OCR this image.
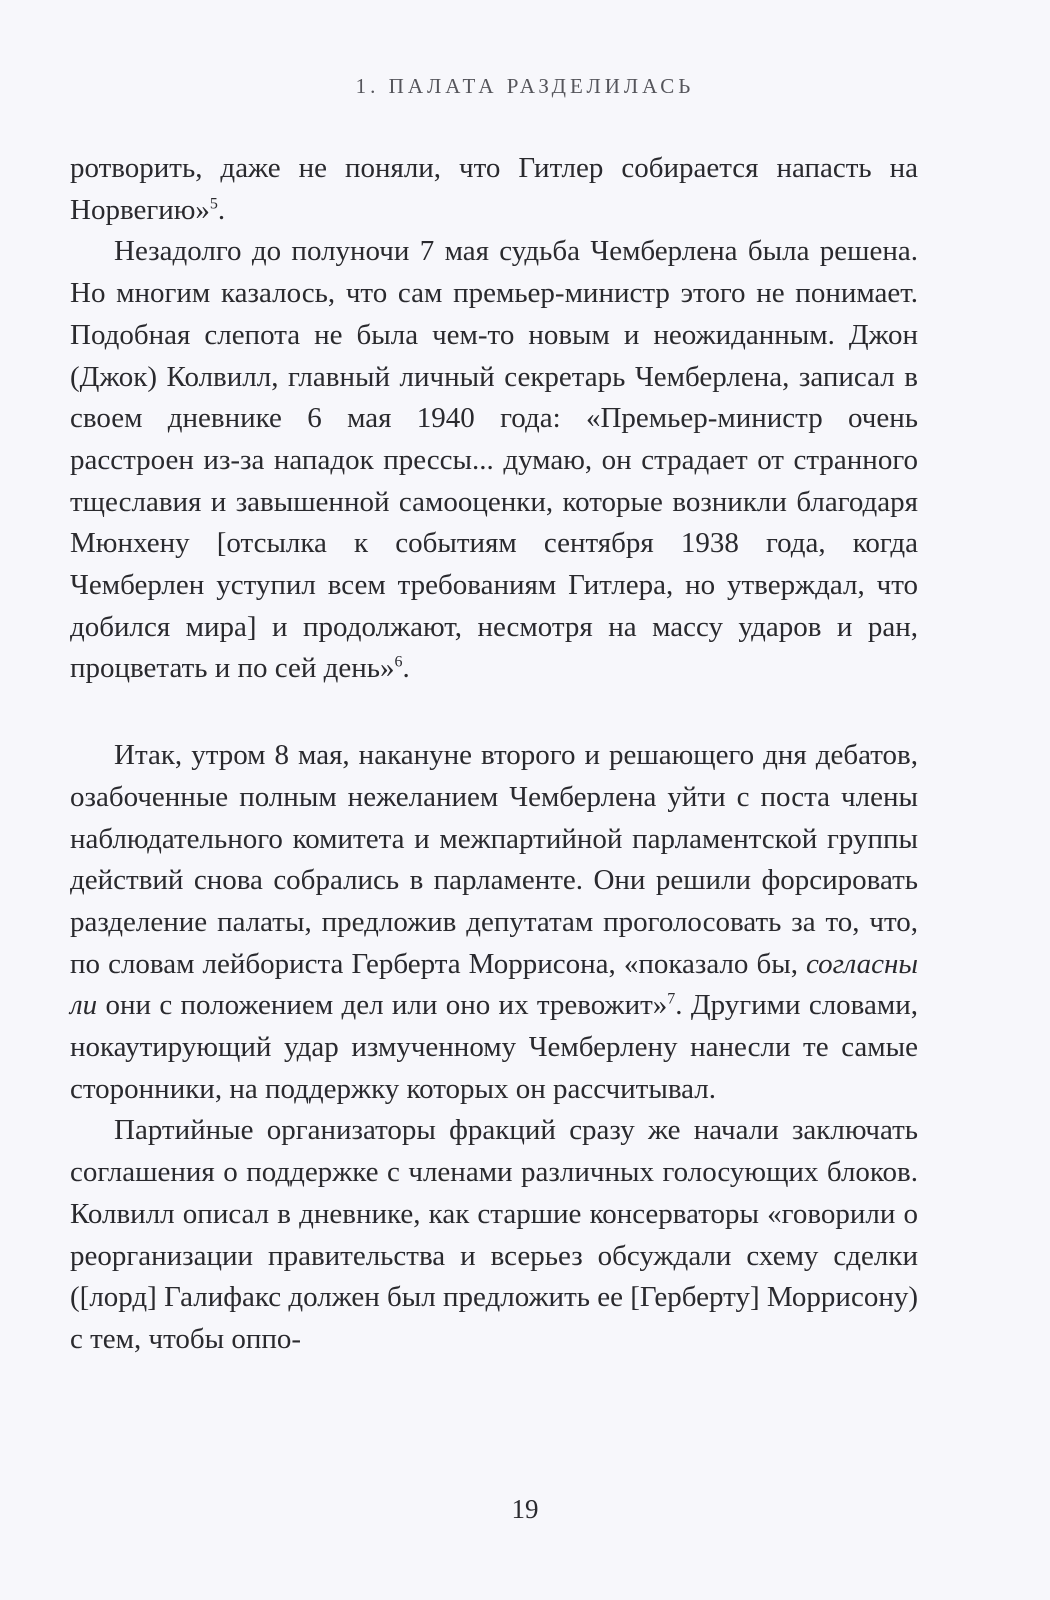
1. ПАЛАТА РАЗДЕЛИЛАСЬ

ротворить, даже не поняли, что Гитлер собирается напасть на Норвегию»$^5$.

Незадолго до полуночи 7 мая судьба Чемберлена была решена. Но многим казалось, что сам премьер-министр этого не понимает. Подобная слепота не была чем-то новым и неожиданным. Джон (Джок) Колвилл, главный личный секретарь Чемберлена, записал в своем дневнике 6 мая 1940 года: «Премьер-министр очень расстроен из-за нападок прессы... думаю, он страдает от странного тщеславия и завышенной самооценки, которые возникли благодаря Мюнхену [отсылка к событиям сентября 1938 года, когда Чемберлен уступил всем требованиям Гитлера, но утверждал, что добился мира] и продолжают, несмотря на массу ударов и ран, процветать и по сей день»$^6$.

Итак, утром 8 мая, накануне второго и решающего дня дебатов, озабоченные полным нежеланием Чемберлена уйти с поста члены наблюдательного комитета и межпартийной парламентской группы действий снова собрались в парламенте. Они решили форсировать разделение палаты, предложив депутатам проголосовать за то, что, по словам лейбориста Герберта Моррисона, «показало бы, согласны ли они с положением дел или оно их тревожит»$^7$. Другими словами, нокаутирующий удар измученному Чемберлену нанесли те самые сторонники, на поддержку которых он рассчитывал.

Партийные организаторы фракций сразу же начали заключать соглашения о поддержке с членами различных голосующих блоков. Колвилл описал в дневнике, как старшие консерваторы «говорили о реорганизации правительства и всерьез обсуждали схему сделки ([лорд] Галифакс должен был предложить ее [Герберту] Моррисону) с тем, чтобы оппо-

19
